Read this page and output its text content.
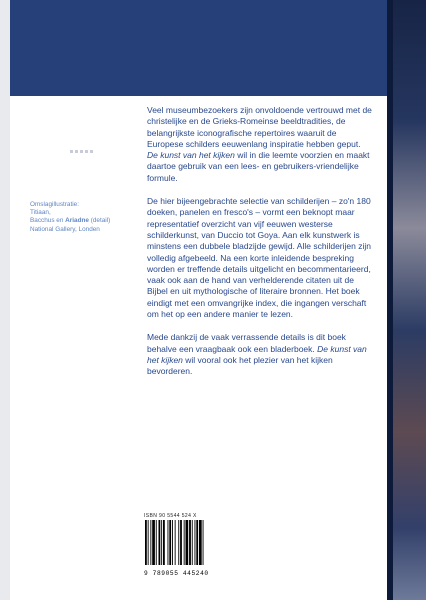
Omslagillustratie:

Titiaan,

Bacchus en Ariadne (detail)

National Gallery, Londen

Veel museumbezoekers zijn onvoldoende vertrouwd met de christelijke en de Grieks-Romeinse beeldtradities, de belangrijkste iconografische repertoires waaruit de Europese schilders eeuwenlang inspiratie hebben geput. De kunst van het kijken wil in die leemte voorzien en maakt daartoe gebruik van een lees- en gebruikers-vriendelijke formule.

De hier bijeengebrachte selectie van schilderijen – zo'n 180 doeken, panelen en fresco's – vormt een beknopt maar representatief overzicht van vijf eeuwen westerse schilderkunst, van Duccio tot Goya. Aan elk kunstwerk is minstens een dubbele bladzijde gewijd. Alle schilderijen zijn volledig afgebeeld. Na een korte inleidende bespreking worden er treffende details uitgelicht en becommentarieerd, vaak ook aan de hand van verhelderende citaten uit de Bijbel en uit mythologische of literaire bronnen. Het boek eindigt met een omvangrijke index, die ingangen verschaft om het op een andere manier te lezen.

Mede dankzij de vaak verrassende details is dit boek behalve een vraagbaak ook een bladerboek. De kunst van het kijken wil vooral ook het plezier van het kijken bevorderen.

ISBN 90 5544 524 X
9 789055 445240
